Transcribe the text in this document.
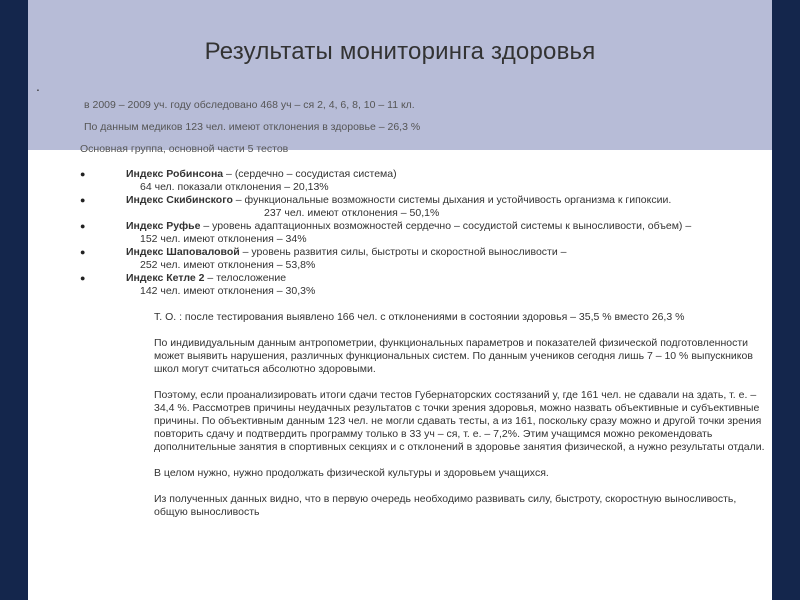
Результаты мониторинга здоровья
.

в 2009 – 2009 уч. году обследовано 468 уч – ся 2, 4, 6, 8, 10 – 11 кл.

По данным медиков 123 чел. имеют отклонения в здоровье – 26,3 %

Основная группа, основной части 5 тестов

●	Индекс Робинсона – (сердечно – сосудистая система)
64 чел. показали отклонения – 20,13%
●	Индекс Скибинского – функциональные возможности системы дыхания и устойчивость организма к гипоксии.
237 чел. имеют отклонения – 50,1%
●	Индекс Руфье – уровень адаптационных возможностей сердечно – сосудистой системы к выносливости, объем) –
152 чел. имеют отклонения – 34%
●	Индекс Шаповаловой – уровень развития силы, быстроты и скоростной выносливости –
252 чел. имеют отклонения – 53,8%
●	Индекс Кетле 2 – телосложение
142 чел. имеют отклонения – 30,3%
Т. О. : после тестирования выявлено 166 чел. с отклонениями в состоянии здоровья – 35,5 % вместо 26,3 %
По индивидуальным данным антропометрии, функциональных параметров и показателей физической подготовленности может выявить нарушения, различных функциональных систем. По данным учеников сегодня лишь 7 – 10 % выпускников школ могут считаться абсолютно здоровыми.
Поэтому, если проанализировать итоги сдачи тестов Губернаторских состязаний у, где 161 чел. не сдавали на здать, т. е. – 34,4 %. Рассмотрев причины неудачных результатов с точки зрения здоровья, можно назвать объективные и субъективные причины. По объективным данным 123 чел. не могли сдавать тесты, а из 161, поскольку сразу можно и другой точки зрения повторить сдачу и подтвердить программу только в 33 уч – ся, т. е. – 7,2%. Этим учащимся можно рекомендовать дополнительные занятия в спортивных секциях и с отклонений в здоровье занятия физической, а нужно результаты отдали.
В целом нужно, нужно продолжать физической культуры и здоровьем учащихся.
Из полученных данных видно, что в первую очередь необходимо развивать силу, быстроту, скоростную выносливость, общую выносливость
